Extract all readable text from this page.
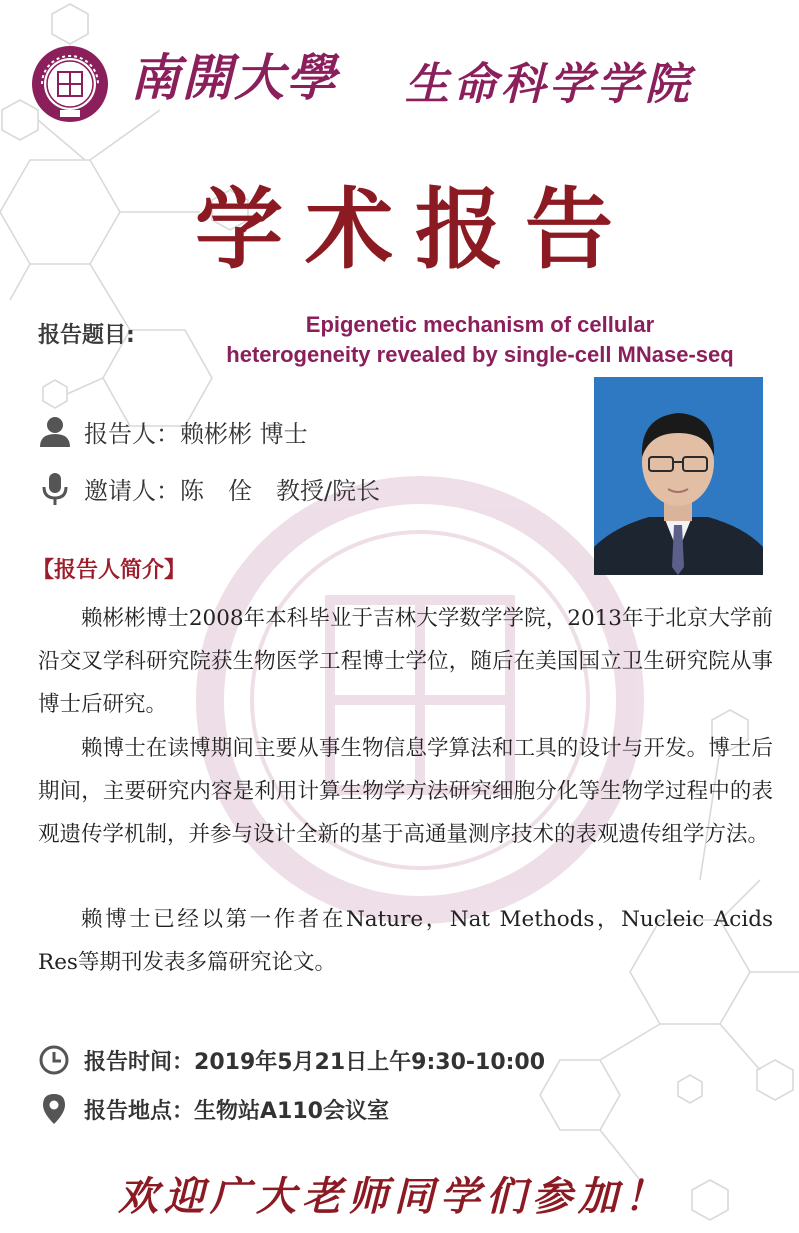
南開大學 生命科学学院
学术报告
报告题目:	Epigenetic mechanism of cellular
heterogeneity revealed by single-cell MNase-seq
报告人： 赖彬彬 博士
邀请人： 陈　佺　教授/院长
【报告人简介】
赖彬彬博士2008年本科毕业于吉林大学数学学院，2013年于北京大学前沿交叉学科研究院获生物医学工程博士学位，随后在美国国立卫生研究院从事博士后研究。
赖博士在读博期间主要从事生物信息学算法和工具的设计与开发。博士后期间，主要研究内容是利用计算生物学方法研究细胞分化等生物学过程中的表观遗传学机制，并参与设计全新的基于高通量测序技术的表观遗传组学方法。
赖博士已经以第一作者在Nature，Nat Methods，Nucleic Acids Res等期刊发表多篇研究论文。
报告时间： 2019年5月21日上午9:30-10:00
报告地点： 生物站A110会议室
欢迎广大老师同学们参加！
